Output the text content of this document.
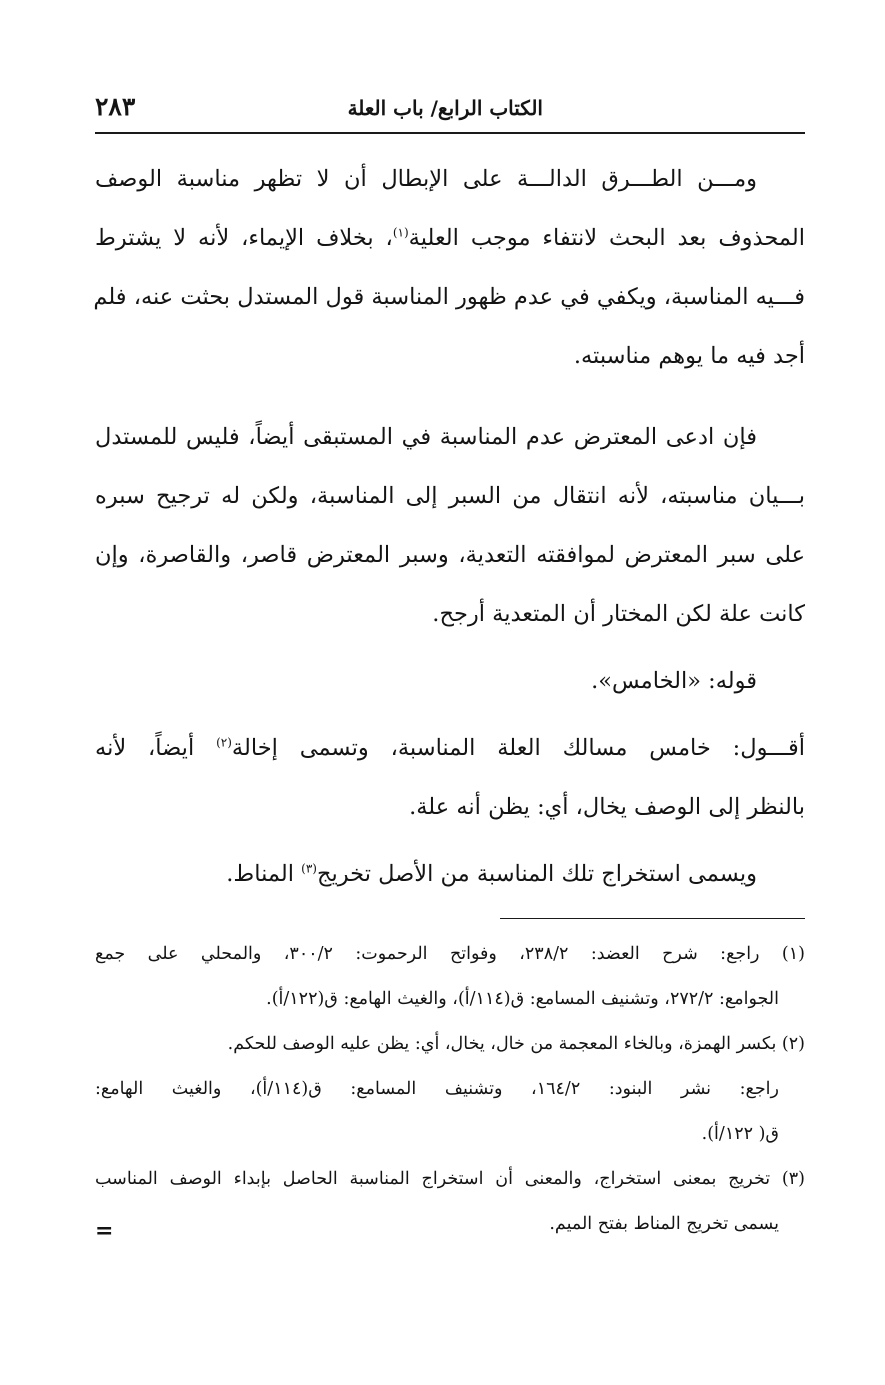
الكتاب الرابع/ باب العلة
٢٨٣
ومـــن الطـــرق الدالـــة على الإبطال أن لا تظهر مناسبة الوصف
المحذوف بعد البحث لانتفاء موجب العلية$^{(١)}$، بخلاف الإيماء، لأنه لا يشترط
فـــيه المناسبة، ويكفي في عدم ظهور المناسبة قول المستدل بحثت عنه، فلم
أجد فيه ما يوهم مناسبته.
فإن ادعى المعترض عدم المناسبة في المستبقى أيضاً، فليس للمستدل
بـــيان مناسبته، لأنه انتقال من السبر إلى المناسبة، ولكن له ترجيح سبره
على سبر المعترض لموافقته التعدية، وسبر المعترض قاصر، والقاصرة، وإن
كانت علة لكن المختار أن المتعدية أرجح.
قوله: «الخامس».
أقـــول: خامس مسالك العلة المناسبة، وتسمى إخالة$^{(٢)}$ أيضاً، لأنه
بالنظر إلى الوصف يخال، أي: يظن أنه علة.
ويسمى استخراج تلك المناسبة من الأصل تخريج$^{(٣)}$ المناط.
(١) راجع: شرح العضد: ٢٣٨/٢، وفواتح الرحموت: ٣٠٠/٢، والمحلي على جمع
الجوامع: ٢٧٢/٢، وتشنيف المسامع: ق(١١٤/أ)، والغيث الهامع: ق(١٢٢/أ).
(٢) بكسر الهمزة، وبالخاء المعجمة من خال، يخال، أي: يظن عليه الوصف للحكم.
راجع: نشر البنود: ١٦٤/٢، وتشنيف المسامع: ق(١١٤/أ)، والغيث الهامع:
ق( ١٢٢/أ).
(٣) تخريج بمعنى استخراج، والمعنى أن استخراج المناسبة الحاصل بإبداء الوصف المناسب
يسمى تخريج المناط بفتح الميم.
=
